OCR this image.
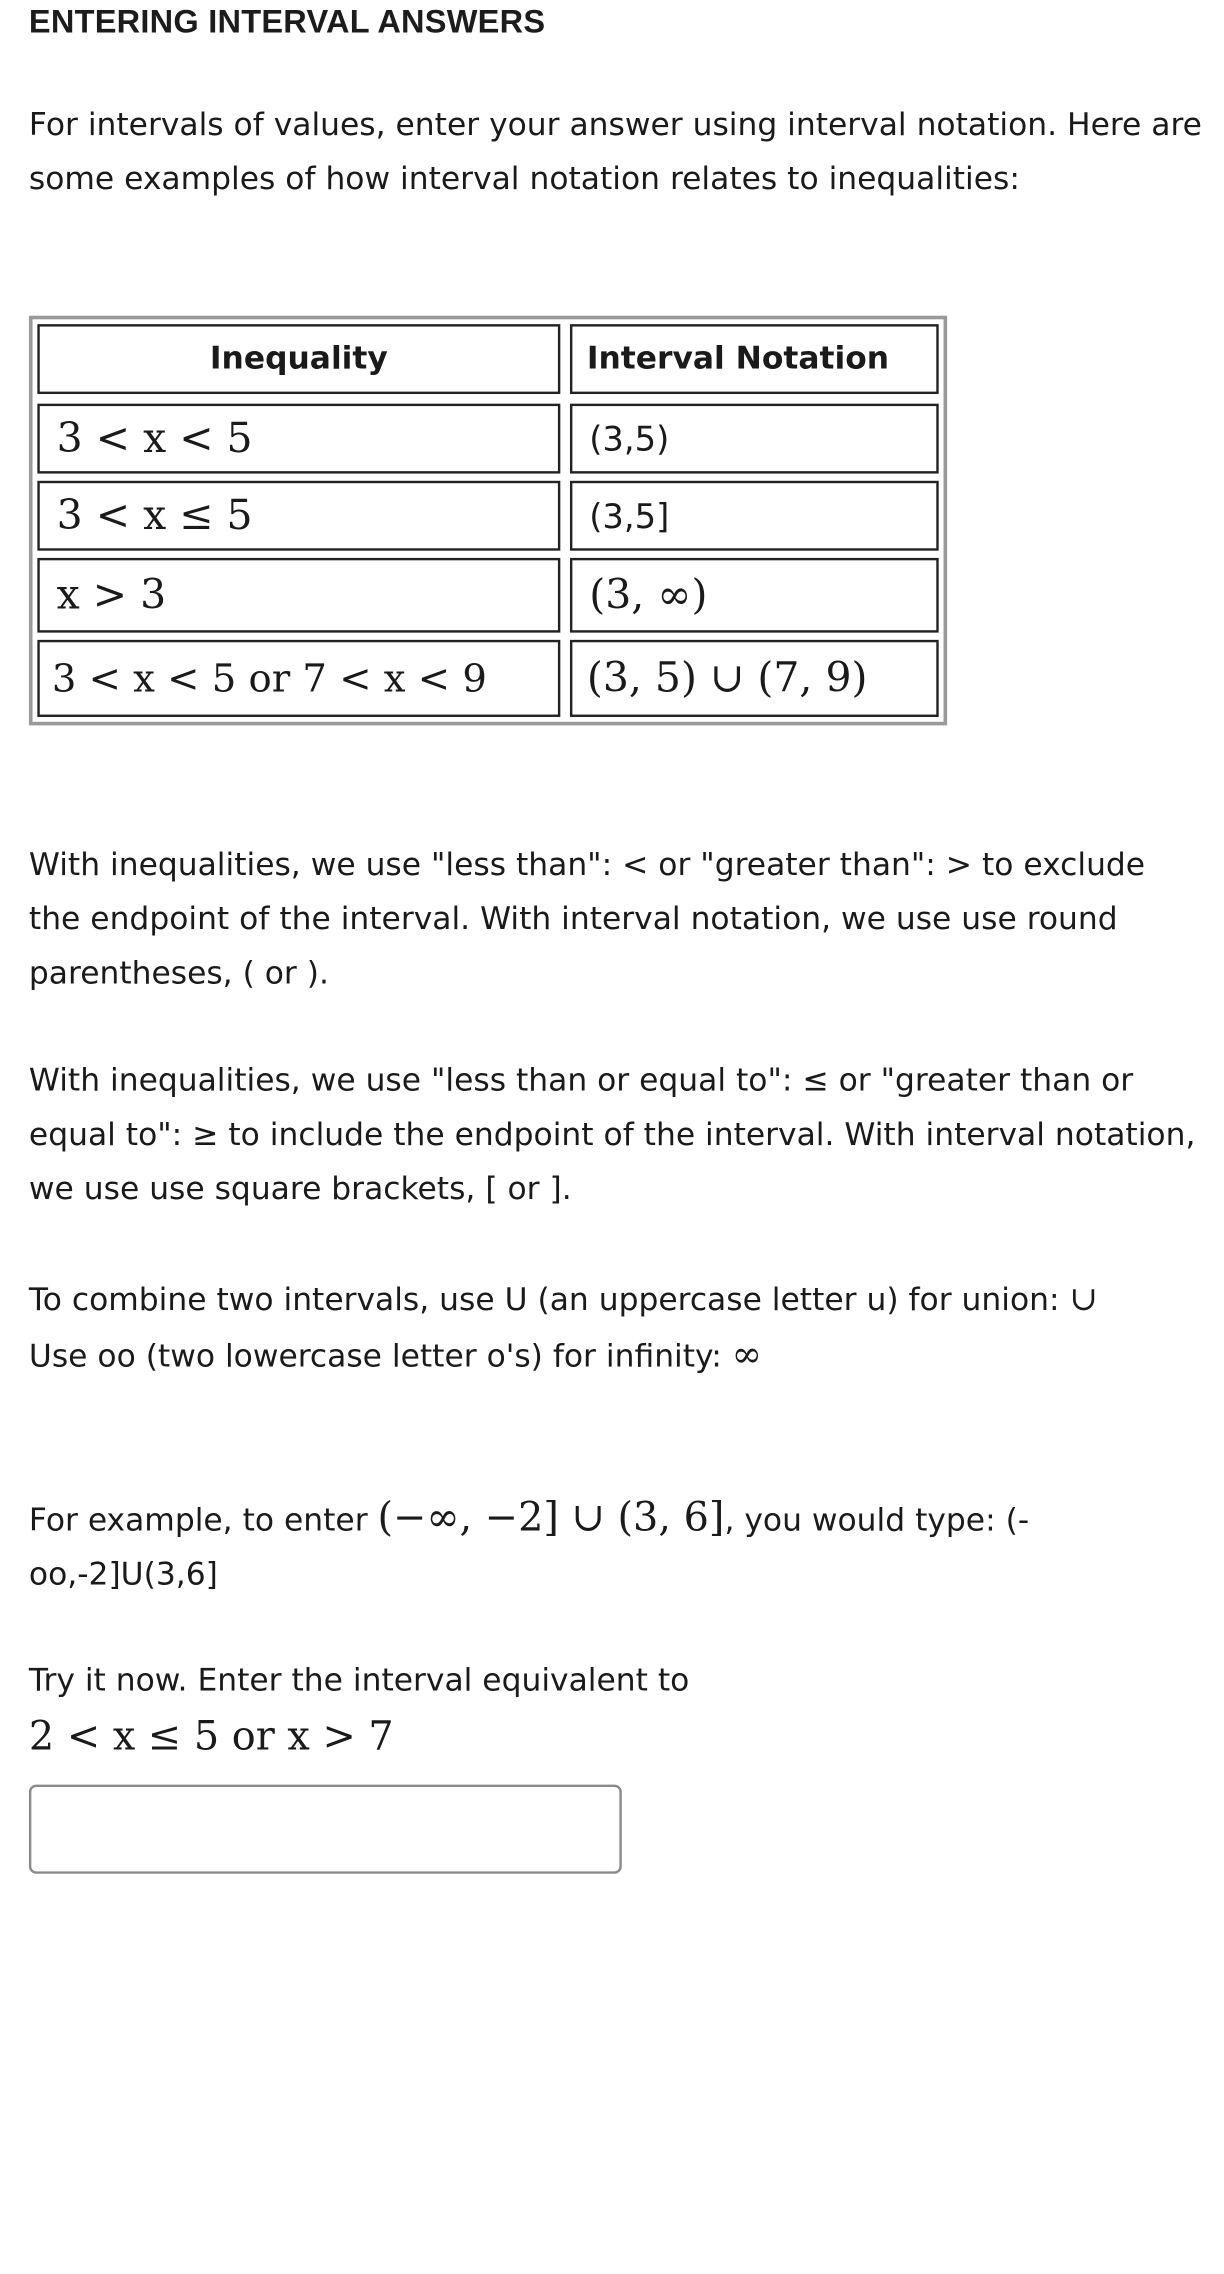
ENTERING INTERVAL ANSWERS

For intervals of values, enter your answer using interval notation. Here are some examples of how interval notation relates to inequalities:

Inequality	Interval Notation
3 < x < 5	(3,5)
3 < x ≤ 5	(3,5]
x > 3	(3, ∞)
3 < x < 5 or 7 < x < 9	(3, 5) ∪ (7, 9)

With inequalities, we use "less than": < or "greater than": > to exclude the endpoint of the interval. With interval notation, we use use round parentheses, ( or ).

With inequalities, we use "less than or equal to": ≤ or "greater than or equal to": ≥ to include the endpoint of the interval. With interval notation, we use use square brackets, [ or ].

To combine two intervals, use U (an uppercase letter u) for union: ∪
Use oo (two lowercase letter o's) for infinity: ∞

For example, to enter (−∞, −2] ∪ (3, 6], you would type: (-oo,-2]U(3,6]

Try it now. Enter the interval equivalent to
2 < x ≤ 5 or x > 7
